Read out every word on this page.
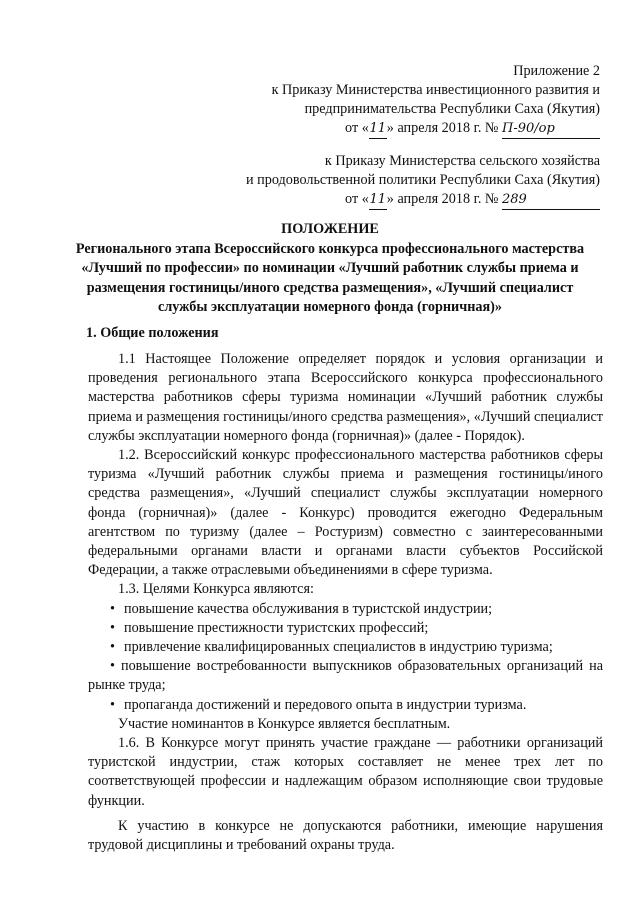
Приложение 2
к Приказу Министерства инвестиционного развития и
предпринимательства Республики Саха (Якутия)
от «11» апреля 2018 г. № П-90/ор
к Приказу Министерства сельского хозяйства
и продовольственной политики Республики Саха (Якутия)
от «11» апреля 2018 г. № 289
ПОЛОЖЕНИЕ
Регионального этапа Всероссийского конкурса профессионального мастерства
«Лучший по профессии» по номинации «Лучший работник службы приема и
размещения гостиницы/иного средства размещения», «Лучший специалист
службы эксплуатации номерного фонда (горничная)»
1. Общие положения

1.1 Настоящее Положение определяет порядок и условия организации и проведения регионального этапа Всероссийского конкурса профессионального мастерства работников сферы туризма номинации «Лучший работник службы приема и размещения гостиницы/иного средства размещения», «Лучший специалист службы эксплуатации номерного фонда (горничная)» (далее - Порядок).

1.2. Всероссийский конкурс профессионального мастерства работников сферы туризма «Лучший работник службы приема и размещения гостиницы/иного средства размещения», «Лучший специалист службы эксплуатации номерного фонда (горничная)» (далее - Конкурс) проводится ежегодно Федеральным агентством по туризму (далее – Ростуризм) совместно с заинтересованными федеральными органами власти и органами власти субъектов Российской Федерации, а также отраслевыми объединениями в сфере туризма.

1.3. Целями Конкурса являются:

• повышение качества обслуживания в туристской индустрии;
• повышение престижности туристских профессий;
• привлечение квалифицированных специалистов в индустрию туризма;
• повышение востребованности выпускников образовательных организаций на рынке труда;
• пропаганда достижений и передового опыта в индустрии туризма.

Участие номинантов в Конкурсе является бесплатным.

1.6. В Конкурсе могут принять участие граждане — работники организаций туристской индустрии, стаж которых составляет не менее трех лет по соответствующей профессии и надлежащим образом исполняющие свои трудовые функции.

К участию в конкурсе не допускаются работники, имеющие нарушения трудовой дисциплины и требований охраны труда.
